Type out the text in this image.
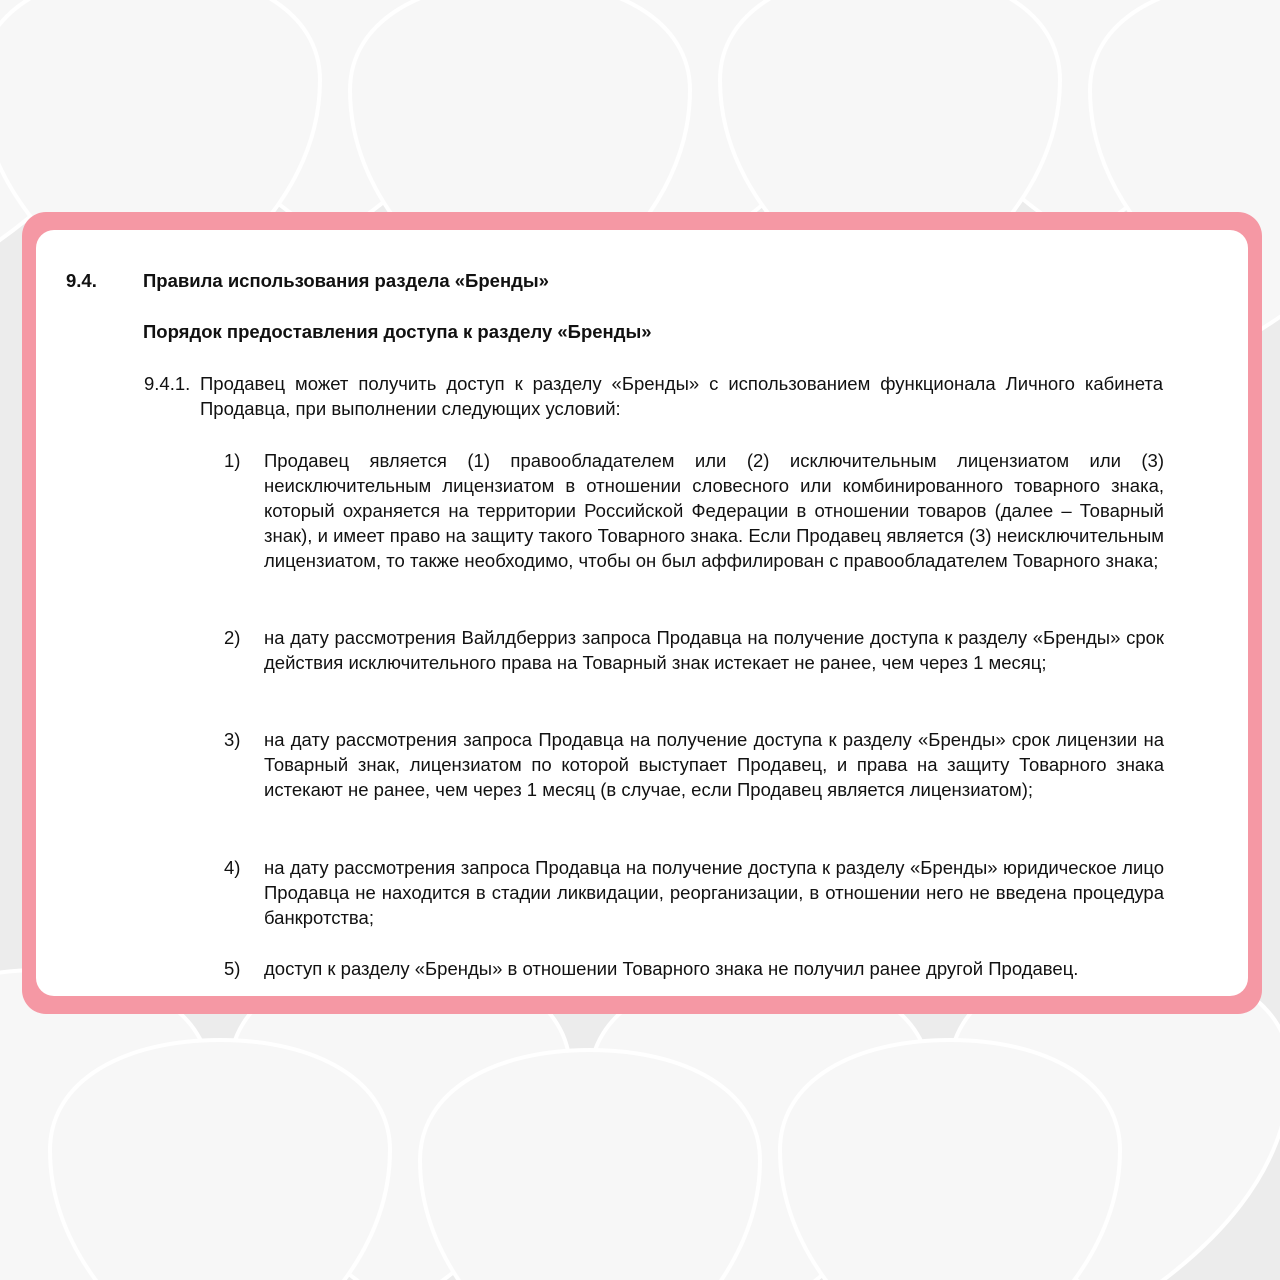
9.4. Правила использования раздела «Бренды»
Порядок предоставления доступа к разделу «Бренды»
9.4.1. Продавец может получить доступ к разделу «Бренды» с использованием функционала Личного кабинета Продавца, при выполнении следующих условий:
1) Продавец является (1) правообладателем или (2) исключительным лицензиатом или (3) неисключительным лицензиатом в отношении словесного или комбинированного товарного знака, который охраняется на территории Российской Федерации в отношении товаров (далее – Товарный знак), и имеет право на защиту такого Товарного знака. Если Продавец является (3) неисключительным лицензиатом, то также необходимо, чтобы он был аффилирован с правообладателем Товарного знака;
2) на дату рассмотрения Вайлдберриз запроса Продавца на получение доступа к разделу «Бренды» срок действия исключительного права на Товарный знак истекает не ранее, чем через 1 месяц;
3) на дату рассмотрения запроса Продавца на получение доступа к разделу «Бренды» срок лицензии на Товарный знак, лицензиатом по которой выступает Продавец, и права на защиту Товарного знака истекают не ранее, чем через 1 месяц (в случае, если Продавец является лицензиатом);
4) на дату рассмотрения запроса Продавца на получение доступа к разделу «Бренды» юридическое лицо Продавца не находится в стадии ликвидации, реорганизации, в отношении него не введена процедура банкротства;
5) доступ к разделу «Бренды» в отношении Товарного знака не получил ранее другой Продавец.
